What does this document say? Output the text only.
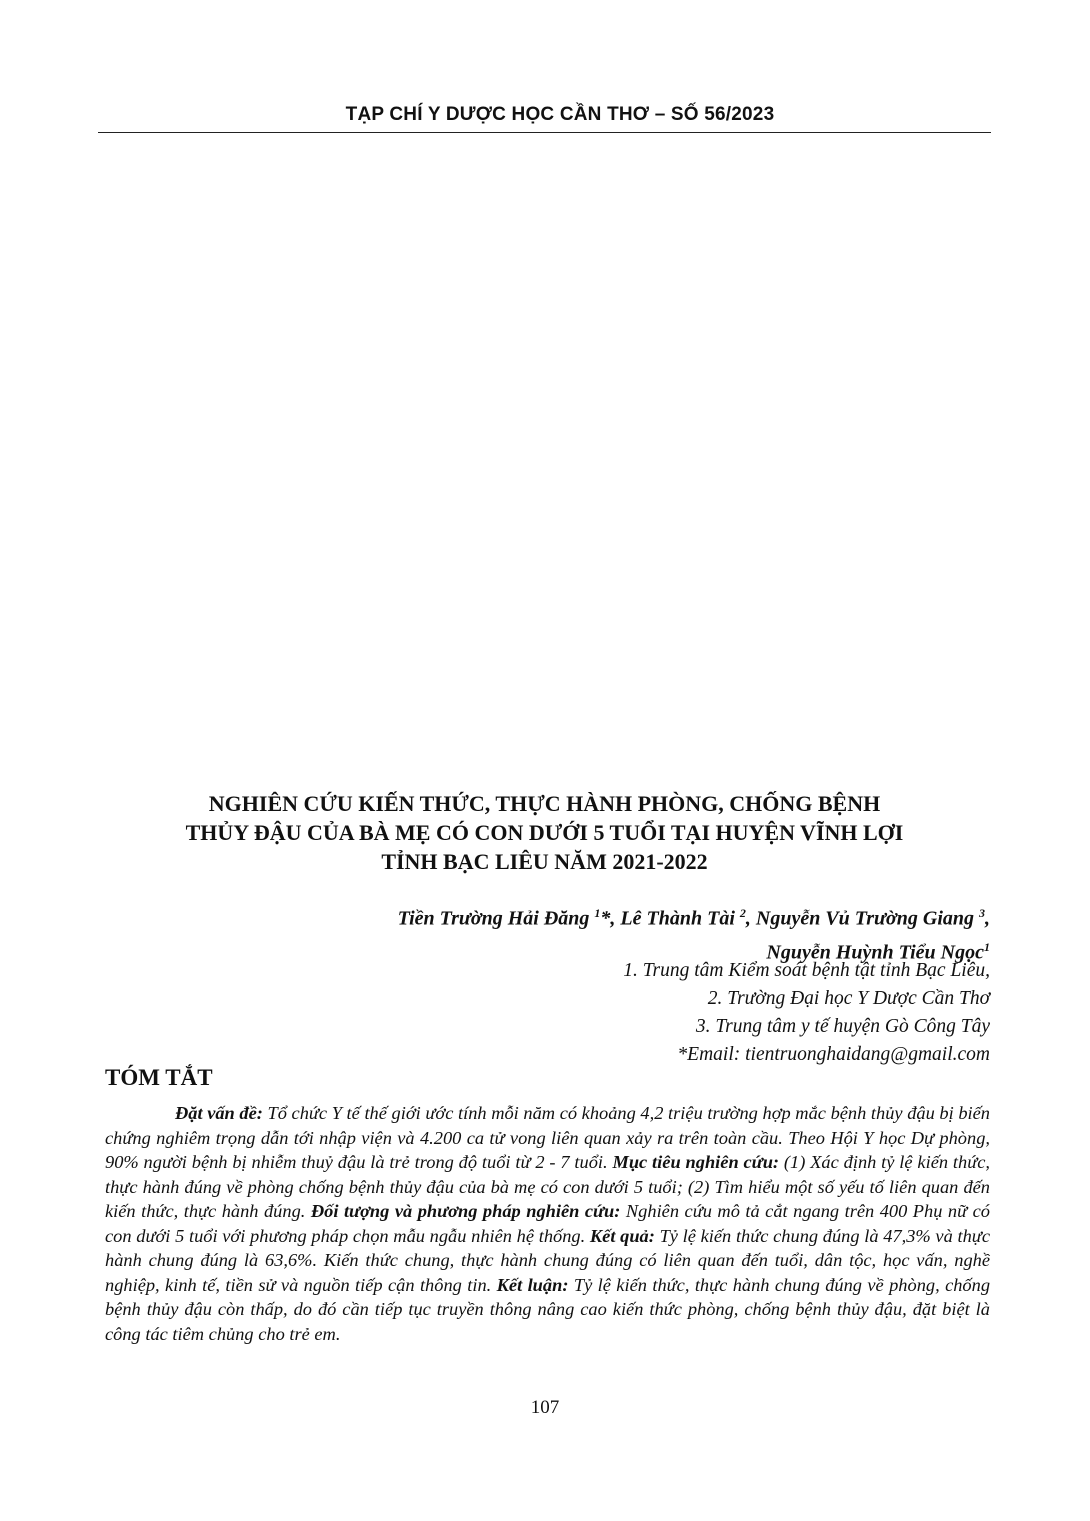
TẠP CHÍ Y DƯỢC HỌC CẦN THƠ – SỐ 56/2023
NGHIÊN CỨU KIẾN THỨC, THỰC HÀNH PHÒNG, CHỐNG BỆNH
THỦY ĐẬU CỦA BÀ MẸ CÓ CON DƯỚI 5 TUỔI TẠI HUYỆN VĨNH LỢI
TỈNH BẠC LIÊU NĂM 2021-2022
Tiền Trường Hải Đăng $^1$*, Lê Thành Tài $^2$, Nguyễn Vủ Trường Giang $^3$,
Nguyễn Huỳnh Tiểu Ngọc$^1$
1. Trung tâm Kiểm soát bệnh tật tỉnh Bạc Liêu,
2. Trường Đại học Y Dược Cần Thơ
3. Trung tâm y tế huyện Gò Công Tây
*Email: tientruonghaidang@gmail.com
TÓM TẮT

Đặt vấn đề: Tổ chức Y tế thế giới ước tính mỗi năm có khoảng 4,2 triệu trường hợp mắc bệnh thủy đậu bị biến chứng nghiêm trọng dẫn tới nhập viện và 4.200 ca tử vong liên quan xảy ra trên toàn cầu. Theo Hội Y học Dự phòng, 90% người bệnh bị nhiễm thuỷ đậu là trẻ trong độ tuổi từ 2 - 7 tuổi. Mục tiêu nghiên cứu: (1) Xác định tỷ lệ kiến thức, thực hành đúng về phòng chống bệnh thủy đậu của bà mẹ có con dưới 5 tuổi; (2) Tìm hiểu một số yếu tố liên quan đến kiến thức, thực hành đúng. Đối tượng và phương pháp nghiên cứu: Nghiên cứu mô tả cắt ngang trên 400 Phụ nữ có con dưới 5 tuổi với phương pháp chọn mẫu ngẫu nhiên hệ thống. Kết quả: Tỷ lệ kiến thức chung đúng là 47,3% và thực hành chung đúng là 63,6%. Kiến thức chung, thực hành chung đúng có liên quan đến tuổi, dân tộc, học vấn, nghề nghiệp, kinh tế, tiền sử và nguồn tiếp cận thông tin. Kết luận: Tỷ lệ kiến thức, thực hành chung đúng về phòng, chống bệnh thủy đậu còn thấp, do đó cần tiếp tục truyền thông nâng cao kiến thức phòng, chống bệnh thủy đậu, đặt biệt là công tác tiêm chủng cho trẻ em.

107
